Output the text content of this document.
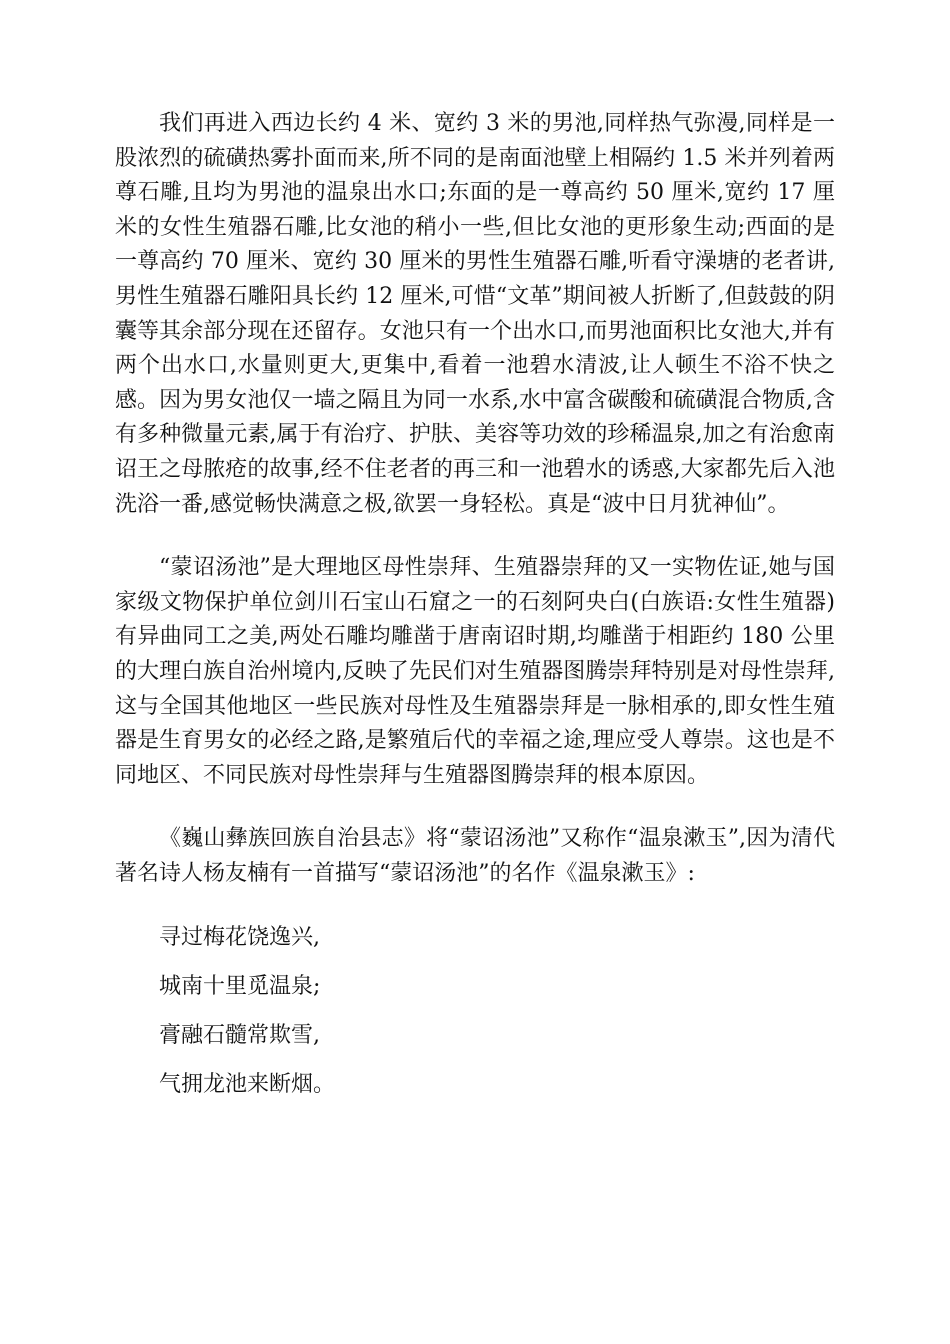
我们再进入西边长约 4 米、宽约 3 米的男池,同样热气弥漫,同样是一股浓烈的硫磺热雾扑面而来,所不同的是南面池壁上相隔约 1.5 米并列着两尊石雕,且均为男池的温泉出水口;东面的是一尊高约 50 厘米,宽约 17 厘米的女性生殖器石雕,比女池的稍小一些,但比女池的更形象生动;西面的是一尊高约 70 厘米、宽约 30 厘米的男性生殖器石雕,听看守澡塘的老者讲,男性生殖器石雕阳具长约 12 厘米,可惜“文革”期间被人折断了,但鼓鼓的阴囊等其余部分现在还留存。女池只有一个出水口,而男池面积比女池大,并有两个出水口,水量则更大,更集中,看着一池碧水清波,让人顿生不浴不快之感。因为男女池仅一墙之隔且为同一水系,水中富含碳酸和硫磺混合物质,含有多种微量元素,属于有治疗、护肤、美容等功效的珍稀温泉,加之有治愈南诏王之母脓疮的故事,经不住老者的再三和一池碧水的诱惑,大家都先后入池洗浴一番,感觉畅快满意之极,欲罢一身轻松。真是“波中日月犹神仙”。

“蒙诏汤池”是大理地区母性崇拜、生殖器崇拜的又一实物佐证,她与国家级文物保护单位剑川石宝山石窟之一的石刻阿央白(白族语:女性生殖器)有异曲同工之美,两处石雕均雕凿于唐南诏时期,均雕凿于相距约 180 公里的大理白族自治州境内,反映了先民们对生殖器图腾崇拜特别是对母性崇拜,这与全国其他地区一些民族对母性及生殖器崇拜是一脉相承的,即女性生殖器是生育男女的必经之路,是繁殖后代的幸福之途,理应受人尊崇。这也是不同地区、不同民族对母性崇拜与生殖器图腾崇拜的根本原因。

《巍山彝族回族自治县志》将“蒙诏汤池”又称作“温泉漱玉”,因为清代著名诗人杨友楠有一首描写“蒙诏汤池”的名作《温泉漱玉》:

寻过梅花饶逸兴,

城南十里觅温泉;

膏融石髓常欺雪,

气拥龙池来断烟。
